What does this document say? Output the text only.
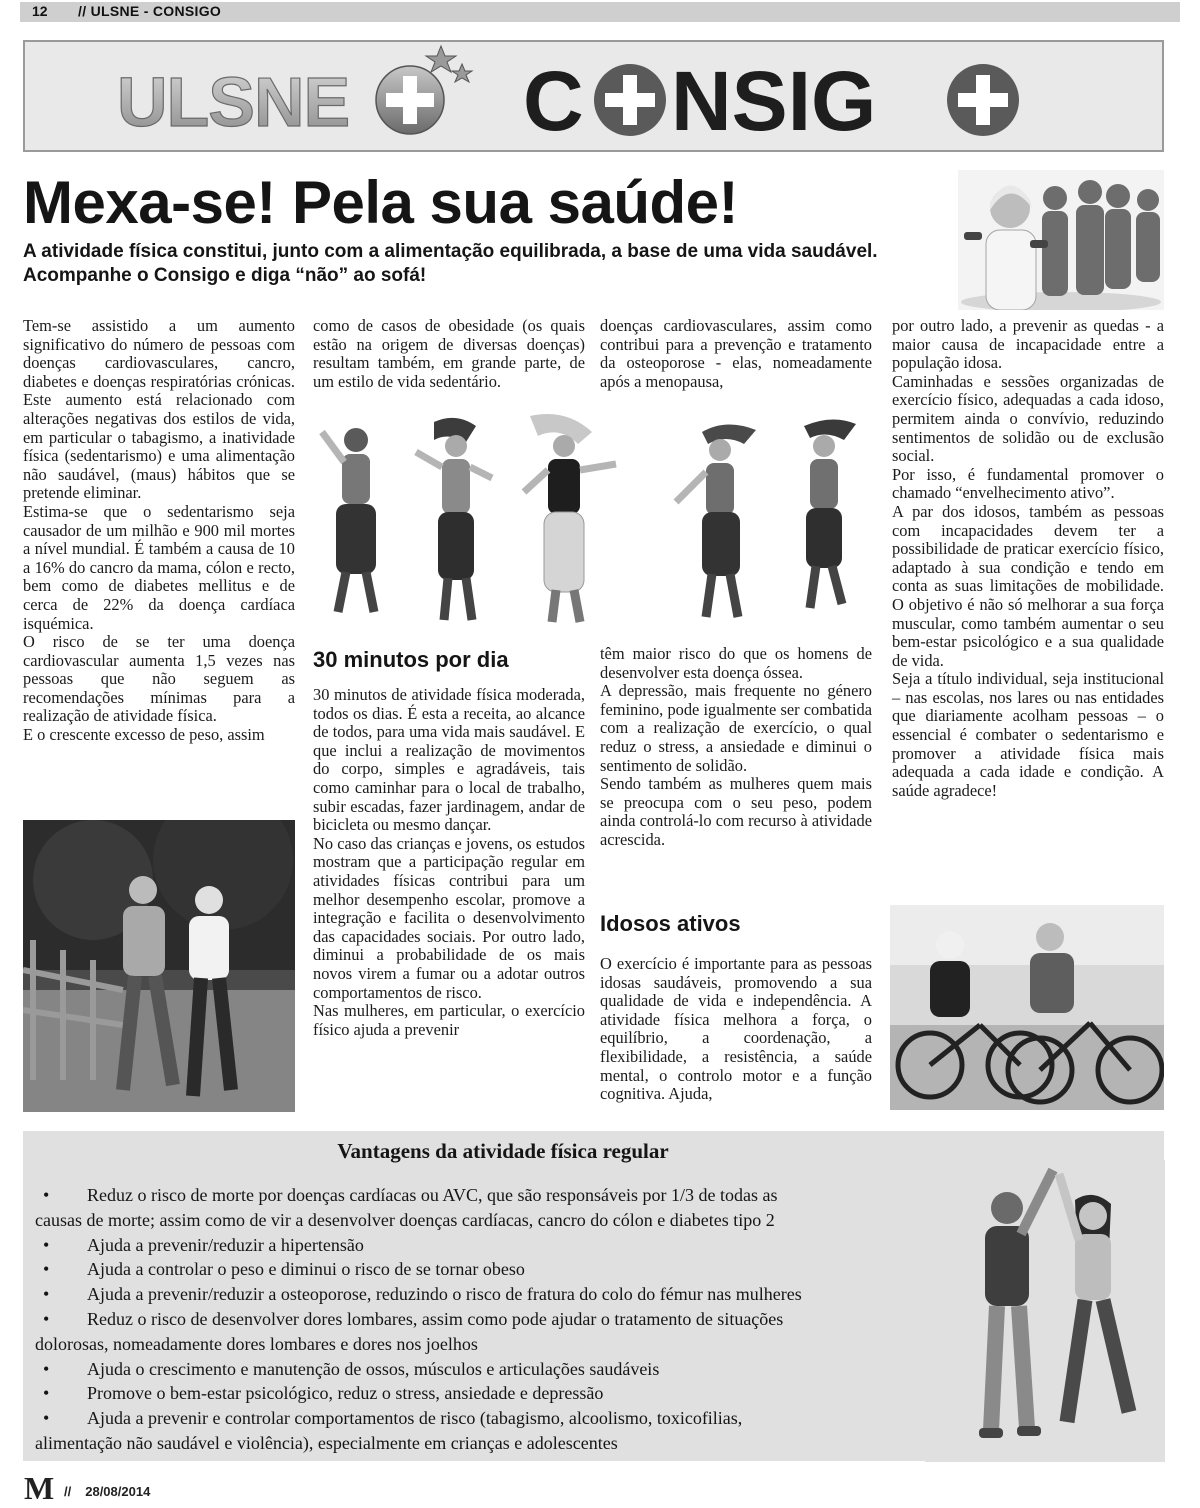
12 // ULSNE - CONSIGO
ULSNE C NSIG
Mexa-se! Pela sua saúde!
A atividade física constitui, junto com a alimentação equilibrada, a base de uma vida saudável.
Acompanhe o Consigo e diga “não” ao sofá!

Tem-se assistido a um aumento significativo do número de pessoas com doenças cardiovasculares, cancro, diabetes e doenças respiratórias crónicas. Este aumento está relacionado com alterações negativas dos estilos de vida, em particular o tabagismo, a inatividade física (sedentarismo) e uma alimentação não saudável, (maus) hábitos que se pretende eliminar.

Estima-se que o sedentarismo seja causador de um milhão e 900 mil mortes a nível mundial. É também a causa de 10 a 16% do cancro da mama, cólon e recto, bem como de diabetes mellitus e de cerca de 22% da doença cardíaca isquémica.

O risco de se ter uma doença cardiovascular aumenta 1,5 vezes nas pessoas que não seguem as recomendações mínimas para a realização de atividade física.

E o crescente excesso de peso, assim

como de casos de obesidade (os quais estão na origem de diversas doenças) resultam também, em grande parte, de um estilo de vida sedentário.

doenças cardiovasculares, assim como contribui para a prevenção e tratamento da osteoporose - elas, nomeadamente após a menopausa,

30 minutos por dia

30 minutos de atividade física moderada, todos os dias. É esta a receita, ao alcance de todos, para uma vida mais saudável. E que inclui a realização de movimentos do corpo, simples e agradáveis, tais como caminhar para o local de trabalho, subir escadas, fazer jardinagem, andar de bicicleta ou mesmo dançar.

No caso das crianças e jovens, os estudos mostram que a participação regular em atividades físicas contribui para um melhor desempenho escolar, promove a integração e facilita o desenvolvimento das capacidades sociais. Por outro lado, diminui a probabilidade de os mais novos virem a fumar ou a adotar outros comportamentos de risco.

Nas mulheres, em particular, o exercício físico ajuda a prevenir

têm maior risco do que os homens de desenvolver esta doença óssea.

A depressão, mais frequente no género feminino, pode igualmente ser combatida com a realização de exercício, o qual reduz o stress, a ansiedade e diminui o sentimento de solidão.

Sendo também as mulheres quem mais se preocupa com o seu peso, podem ainda controlá-lo com recurso à atividade acrescida.

Idosos ativos

O exercício é importante para as pessoas idosas saudáveis, promovendo a sua qualidade de vida e independência. A atividade física melhora a força, o equilíbrio, a coordenação, a flexibilidade, a resistência, a saúde mental, o controlo motor e a função cognitiva. Ajuda,

por outro lado, a prevenir as quedas - a maior causa de incapacidade entre a população idosa.

Caminhadas e sessões organizadas de exercício físico, adequadas a cada idoso, permitem ainda o convívio, reduzindo sentimentos de solidão ou de exclusão social.

Por isso, é fundamental promover o chamado “envelhecimento ativo”.

A par dos idosos, também as pessoas com incapacidades devem ter a possibilidade de praticar exercício físico, adaptado à sua condição e tendo em conta as suas limitações de mobilidade. O objetivo é não só melhorar a sua força muscular, como também aumentar o seu bem-estar psicológico e a sua qualidade de vida.

Seja a título individual, seja institucional – nas escolas, nos lares ou nas entidades que diariamente acolham pessoas – o essencial é combater o sedentarismo e promover a atividade física mais adequada a cada idade e condição. A saúde agradece!

Vantagens da atividade física regular
• Reduz o risco de morte por doenças cardíacas ou AVC, que são responsáveis por 1/3 de todas as
causas de morte; assim como de vir a desenvolver doenças cardíacas, cancro do cólon e diabetes tipo 2
• Ajuda a prevenir/reduzir a hipertensão
• Ajuda a controlar o peso e diminui o risco de se tornar obeso
• Ajuda a prevenir/reduzir a osteoporose, reduzindo o risco de fratura do colo do fémur nas mulheres
• Reduz o risco de desenvolver dores lombares, assim como pode ajudar o tratamento de situações
dolorosas, nomeadamente dores lombares e dores nos joelhos
• Ajuda o crescimento e manutenção de ossos, músculos e articulações saudáveis
• Promove o bem-estar psicológico, reduz o stress, ansiedade e depressão
• Ajuda a prevenir e controlar comportamentos de risco (tabagismo, alcoolismo, toxicofilias,
alimentação não saudável e violência), especialmente em crianças e adolescentes
M // 28/08/2014
